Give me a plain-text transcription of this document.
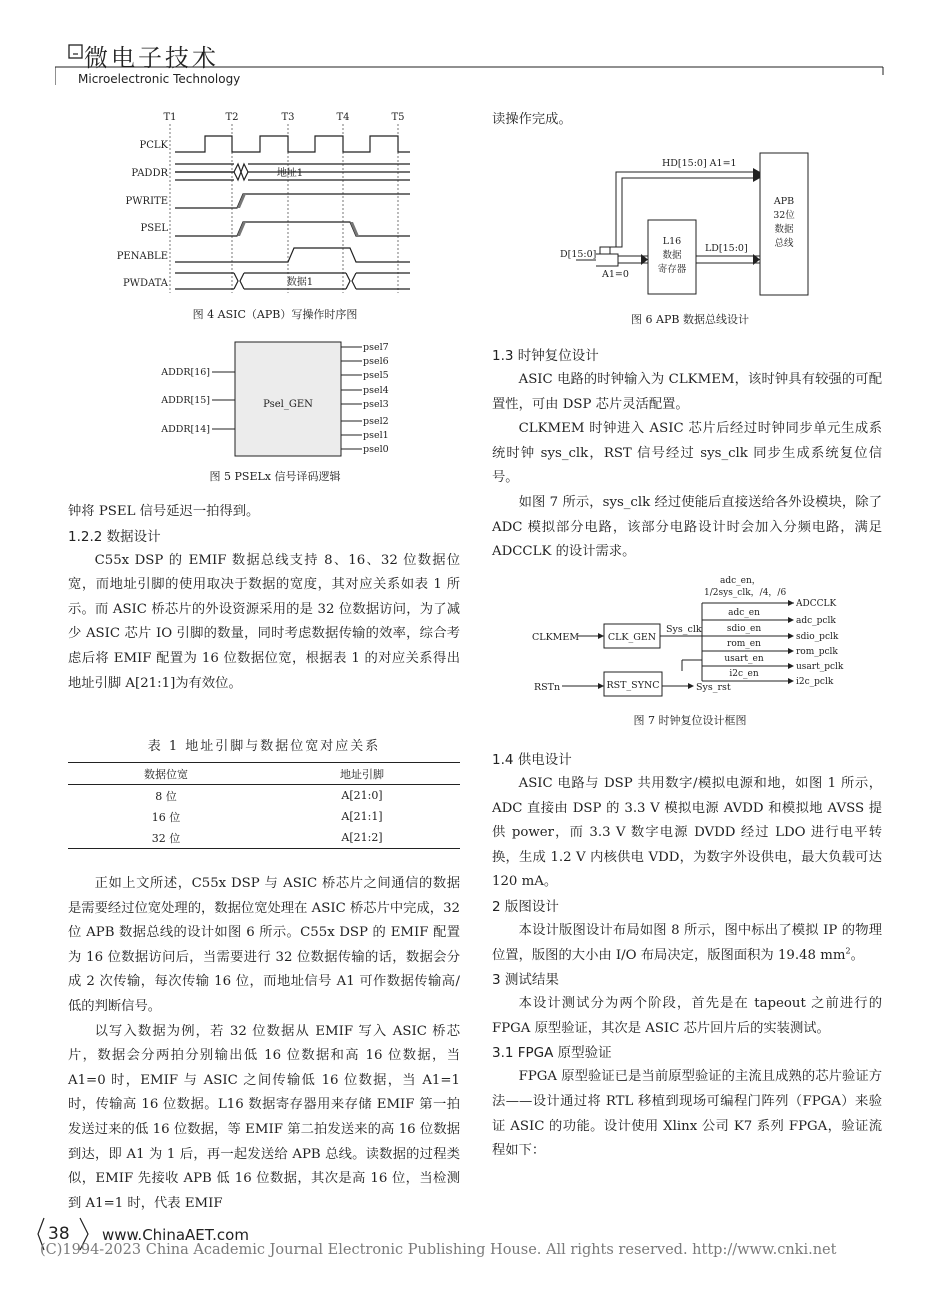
微电子技术
Microelectronic Technology
T1	T2	T3	T4	T5
PCLK
PADDR
PWRITE
PSEL
PENABLE
PWDATA
地址1
数据1
图 4 ASIC（APB）写操作时序图
Psel_GEN
ADDR[16]
ADDR[15]
ADDR[14]
psel7
psel6
psel5
psel4
psel3
psel2
psel1
psel0
图 5 PSELx 信号译码逻辑

钟将 PSEL 信号延迟一拍得到。

1.2.2 数据设计

C55x DSP 的 EMIF 数据总线支持 8、16、32 位数据位宽，而地址引脚的使用取决于数据的宽度，其对应关系如表 1 所示。而 ASIC 桥芯片的外设资源采用的是 32 位数据访问，为了减少 ASIC 芯片 IO 引脚的数量，同时考虑数据传输的效率，综合考虑后将 EMIF 配置为 16 位数据位宽，根据表 1 的对应关系得出地址引脚 A[21:1]为有效位。

表 1 地址引脚与数据位宽对应关系
数据位宽	地址引脚
8 位	A[21:0]
16 位	A[21:1]
32 位	A[21:2]

正如上文所述，C55x DSP 与 ASIC 桥芯片之间通信的数据是需要经过位宽处理的，数据位宽处理在 ASIC 桥芯片中完成，32 位 APB 数据总线的设计如图 6 所示。C55x DSP 的 EMIF 配置为 16 位数据访问后，当需要进行 32 位数据传输的话，数据会分成 2 次传输，每次传输 16 位，而地址信号 A1 可作数据传输高/低的判断信号。

以写入数据为例，若 32 位数据从 EMIF 写入 ASIC 桥芯片，数据会分两拍分别输出低 16 位数据和高 16 位数据，当 A1=0 时，EMIF 与 ASIC 之间传输低 16 位数据，当 A1=1 时，传输高 16 位数据。L16 数据寄存器用来存储 EMIF 第一拍发送过来的低 16 位数据，等 EMIF 第二拍发送来的高 16 位数据到达，即 A1 为 1 后，再一起发送给 APB 总线。读数据的过程类似，EMIF 先接收 APB 低 16 位数据，其次是高 16 位，当检测到 A1=1 时，代表 EMIF

读操作完成。

APB
32位
数据
总线
L16
数据
寄存器
HD[15:0] A1=1
D[15:0]
A1=0
LD[15:0]
图 6 APB 数据总线设计
1.3 时钟复位设计

ASIC 电路的时钟输入为 CLKMEM，该时钟具有较强的可配置性，可由 DSP 芯片灵活配置。

CLKMEM 时钟进入 ASIC 芯片后经过时钟同步单元生成系统时钟 sys_clk，RST 信号经过 sys_clk 同步生成系统复位信号。

如图 7 所示，sys_clk 经过使能后直接送给各外设模块，除了 ADC 模拟部分电路，该部分电路设计时会加入分频电路，满足 ADCCLK 的设计需求。

adc_en，
1/2sys_clk，/4，/6
CLK_GEN
RST_SYNC
CLKMEM
RSTn
Sys_clk
Sys_rst
adc_en
sdio_en
rom_en
usart_en
i2c_en
ADCCLK
adc_pclk
sdio_pclk
rom_pclk
usart_pclk
i2c_pclk
图 7 时钟复位设计框图
1.4 供电设计

ASIC 电路与 DSP 共用数字/模拟电源和地，如图 1 所示，ADC 直接由 DSP 的 3.3 V 模拟电源 AVDD 和模拟地 AVSS 提供 power，而 3.3 V 数字电源 DVDD 经过 LDO 进行电平转换，生成 1.2 V 内核供电 VDD，为数字外设供电，最大负载可达 120 mA。

2 版图设计

本设计版图设计布局如图 8 所示，图中标出了模拟 IP 的物理位置，版图的大小由 I/O 布局决定，版图面积为 19.48 $mm^2$。

3 测试结果

本设计测试分为两个阶段，首先是在 tapeout 之前进行的 FPGA 原型验证，其次是 ASIC 芯片回片后的实装测试。

3.1 FPGA 原型验证

FPGA 原型验证已是当前原型验证的主流且成熟的芯片验证方法——设计通过将 RTL 移植到现场可编程门阵列（FPGA）来验证 ASIC 的功能。设计使用 Xlinx 公司 K7 系列 FPGA，验证流程如下：

38 www.ChinaAET.com
(C)1994-2023 China Academic Journal Electronic Publishing House. All rights reserved. http://www.cnki.net
